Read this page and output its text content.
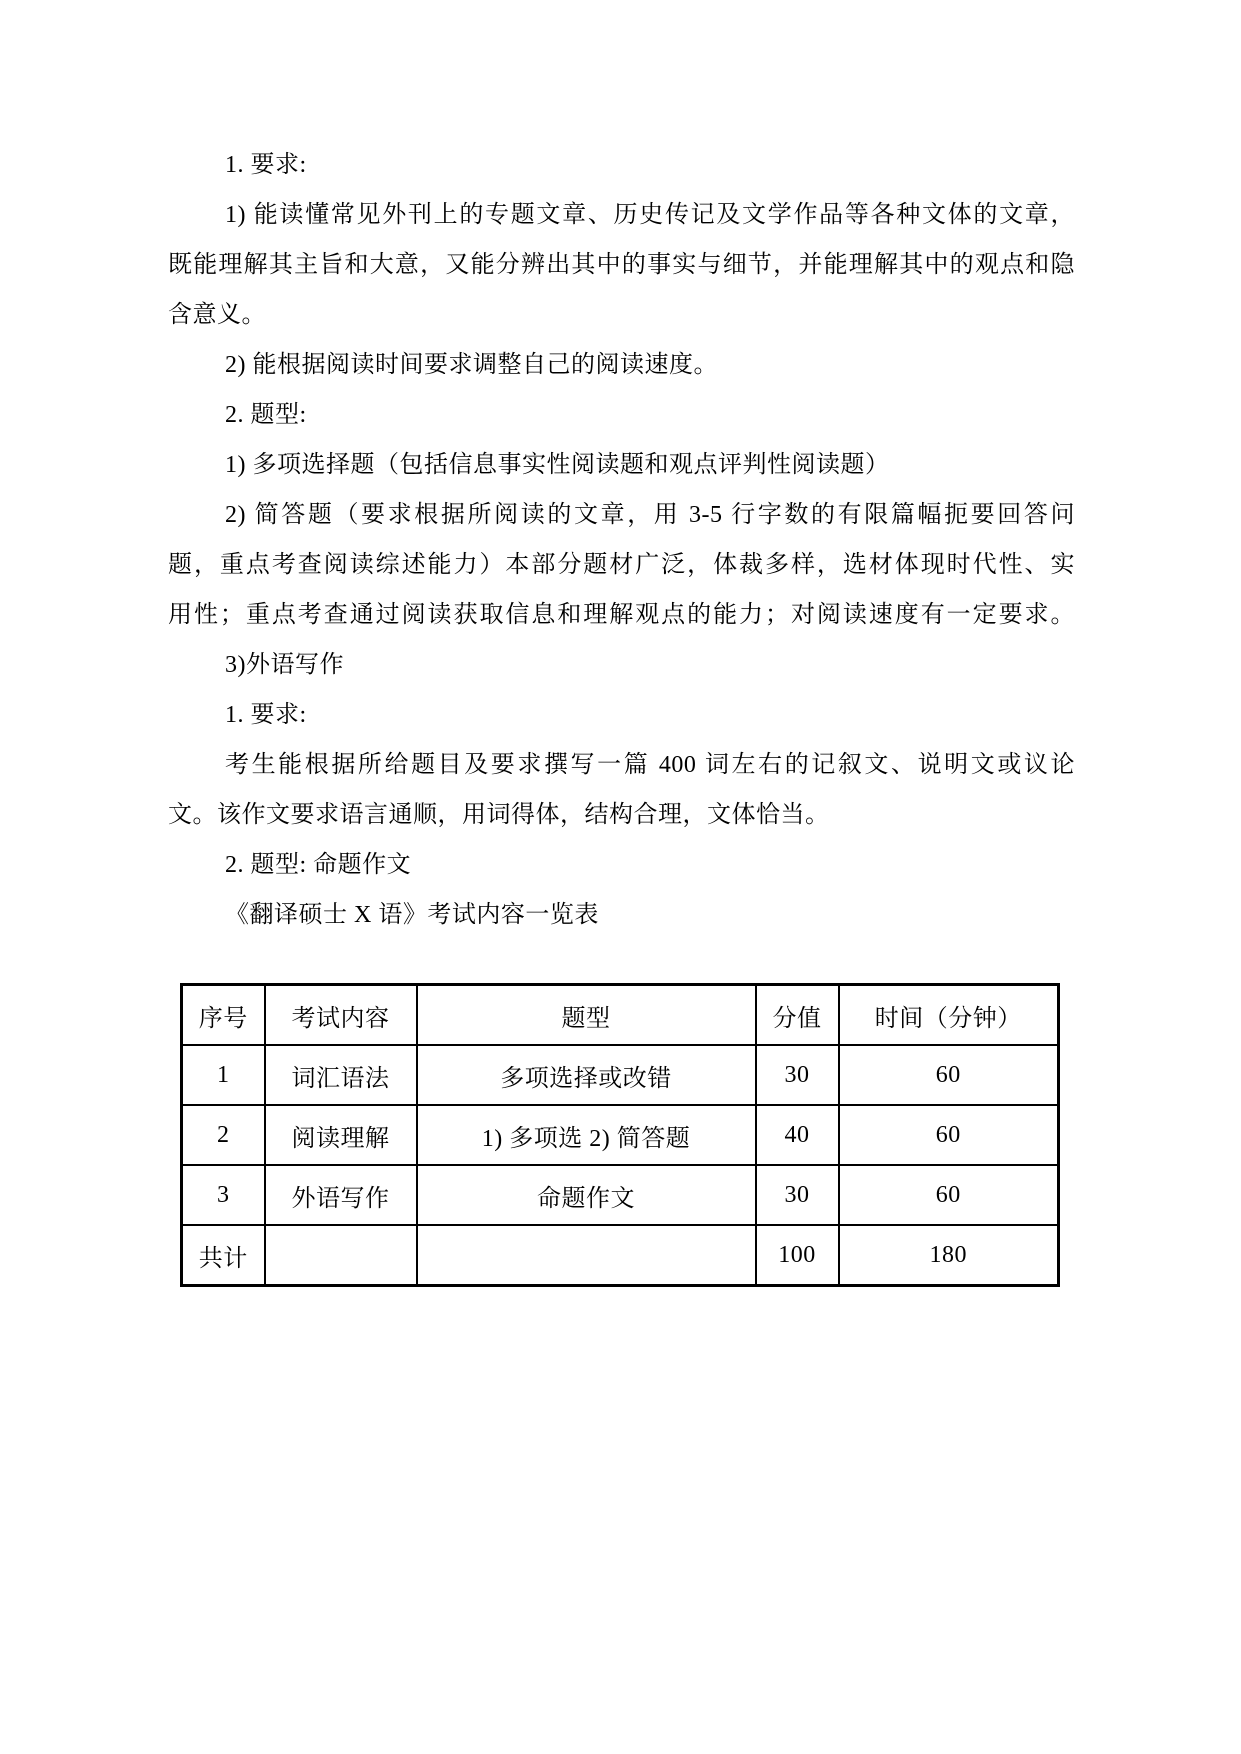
1. 要求:
1) 能读懂常见外刊上的专题文章、历史传记及文学作品等各种文体的文章，
既能理解其主旨和大意，又能分辨出其中的事实与细节，并能理解其中的观点和隐
含意义。
2) 能根据阅读时间要求调整自己的阅读速度。
2. 题型:
1) 多项选择题（包括信息事实性阅读题和观点评判性阅读题）
2) 简答题（要求根据所阅读的文章，用 3-5 行字数的有限篇幅扼要回答问
题，重点考查阅读综述能力）本部分题材广泛，体裁多样，选材体现时代性、实
用性；重点考查通过阅读获取信息和理解观点的能力；对阅读速度有一定要求。
3)外语写作
1. 要求:
考生能根据所给题目及要求撰写一篇 400 词左右的记叙文、说明文或议论
文。该作文要求语言通顺，用词得体，结构合理，文体恰当。
2. 题型: 命题作文
《翻译硕士 X 语》考试内容一览表
序号	考试内容	题型	分值	时间（分钟）
1	词汇语法	多项选择或改错	30	60
2	阅读理解	1) 多项选 2) 简答题	40	60
3	外语写作	命题作文	30	60
共计			100	180
